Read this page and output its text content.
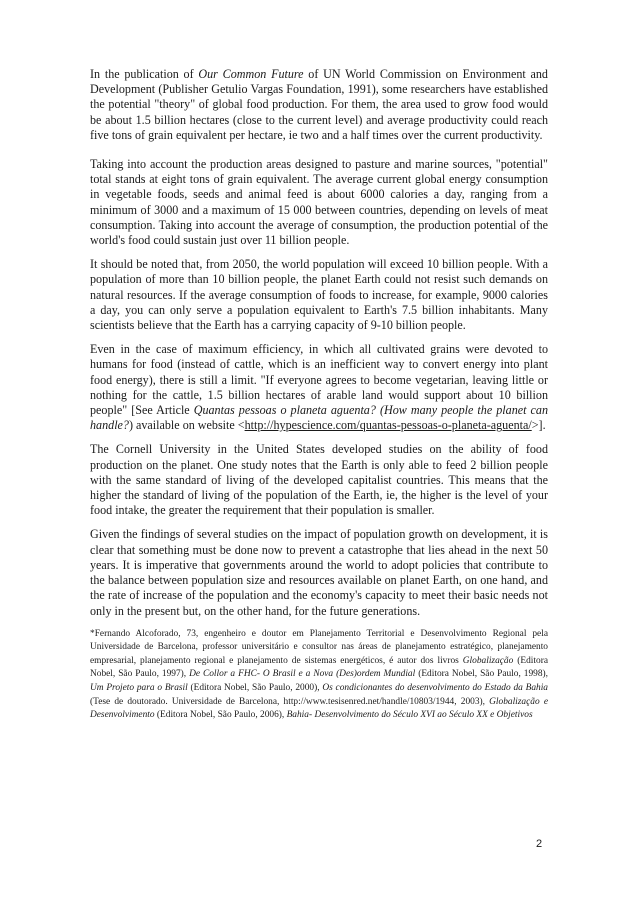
In the publication of Our Common Future of UN World Commission on Environment and Development (Publisher Getulio Vargas Foundation, 1991), some researchers have established the potential "theory" of global food production. For them, the area used to grow food would be about 1.5 billion hectares (close to the current level) and average productivity could reach five tons of grain equivalent per hectare, ie two and a half times over the current productivity.

Taking into account the production areas designed to pasture and marine sources, "potential" total stands at eight tons of grain equivalent. The average current global energy consumption in vegetable foods, seeds and animal feed is about 6000 calories a day, ranging from a minimum of 3000 and a maximum of 15 000 between countries, depending on levels of meat consumption. Taking into account the average of consumption, the production potential of the world's food could sustain just over 11 billion people.

It should be noted that, from 2050, the world population will exceed 10 billion people. With a population of more than 10 billion people, the planet Earth could not resist such demands on natural resources. If the average consumption of foods to increase, for example, 9000 calories a day, you can only serve a population equivalent to Earth's 7.5 billion inhabitants. Many scientists believe that the Earth has a carrying capacity of 9-10 billion people.

Even in the case of maximum efficiency, in which all cultivated grains were devoted to humans for food (instead of cattle, which is an inefficient way to convert energy into plant food energy), there is still a limit. "If everyone agrees to become vegetarian, leaving little or nothing for the cattle, 1.5 billion hectares of arable land would support about 10 billion people" [See Article Quantas pessoas o planeta aguenta? (How many people the planet can handle?) available on website <http://hypescience.com/quantas-pessoas-o-planeta-aguenta/>].

The Cornell University in the United States developed studies on the ability of food production on the planet. One study notes that the Earth is only able to feed 2 billion people with the same standard of living of the developed capitalist countries. This means that the higher the standard of living of the population of the Earth, ie, the higher is the level of your food intake, the greater the requirement that their population is smaller.

Given the findings of several studies on the impact of population growth on development, it is clear that something must be done now to prevent a catastrophe that lies ahead in the next 50 years. It is imperative that governments around the world to adopt policies that contribute to the balance between population size and resources available on planet Earth, on one hand, and the rate of increase of the population and the economy's capacity to meet their basic needs not only in the present but, on the other hand, for the future generations.

*Fernando Alcoforado, 73, engenheiro e doutor em Planejamento Territorial e Desenvolvimento Regional pela Universidade de Barcelona, professor universitário e consultor nas áreas de planejamento estratégico, planejamento empresarial, planejamento regional e planejamento de sistemas energéticos, é autor dos livros Globalização (Editora Nobel, São Paulo, 1997), De Collor a FHC- O Brasil e a Nova (Des)ordem Mundial (Editora Nobel, São Paulo, 1998), Um Projeto para o Brasil (Editora Nobel, São Paulo, 2000), Os condicionantes do desenvolvimento do Estado da Bahia (Tese de doutorado. Universidade de Barcelona, http://www.tesisenred.net/handle/10803/1944, 2003), Globalização e Desenvolvimento (Editora Nobel, São Paulo, 2006), Bahia- Desenvolvimento do Século XVI ao Século XX e Objetivos

2
